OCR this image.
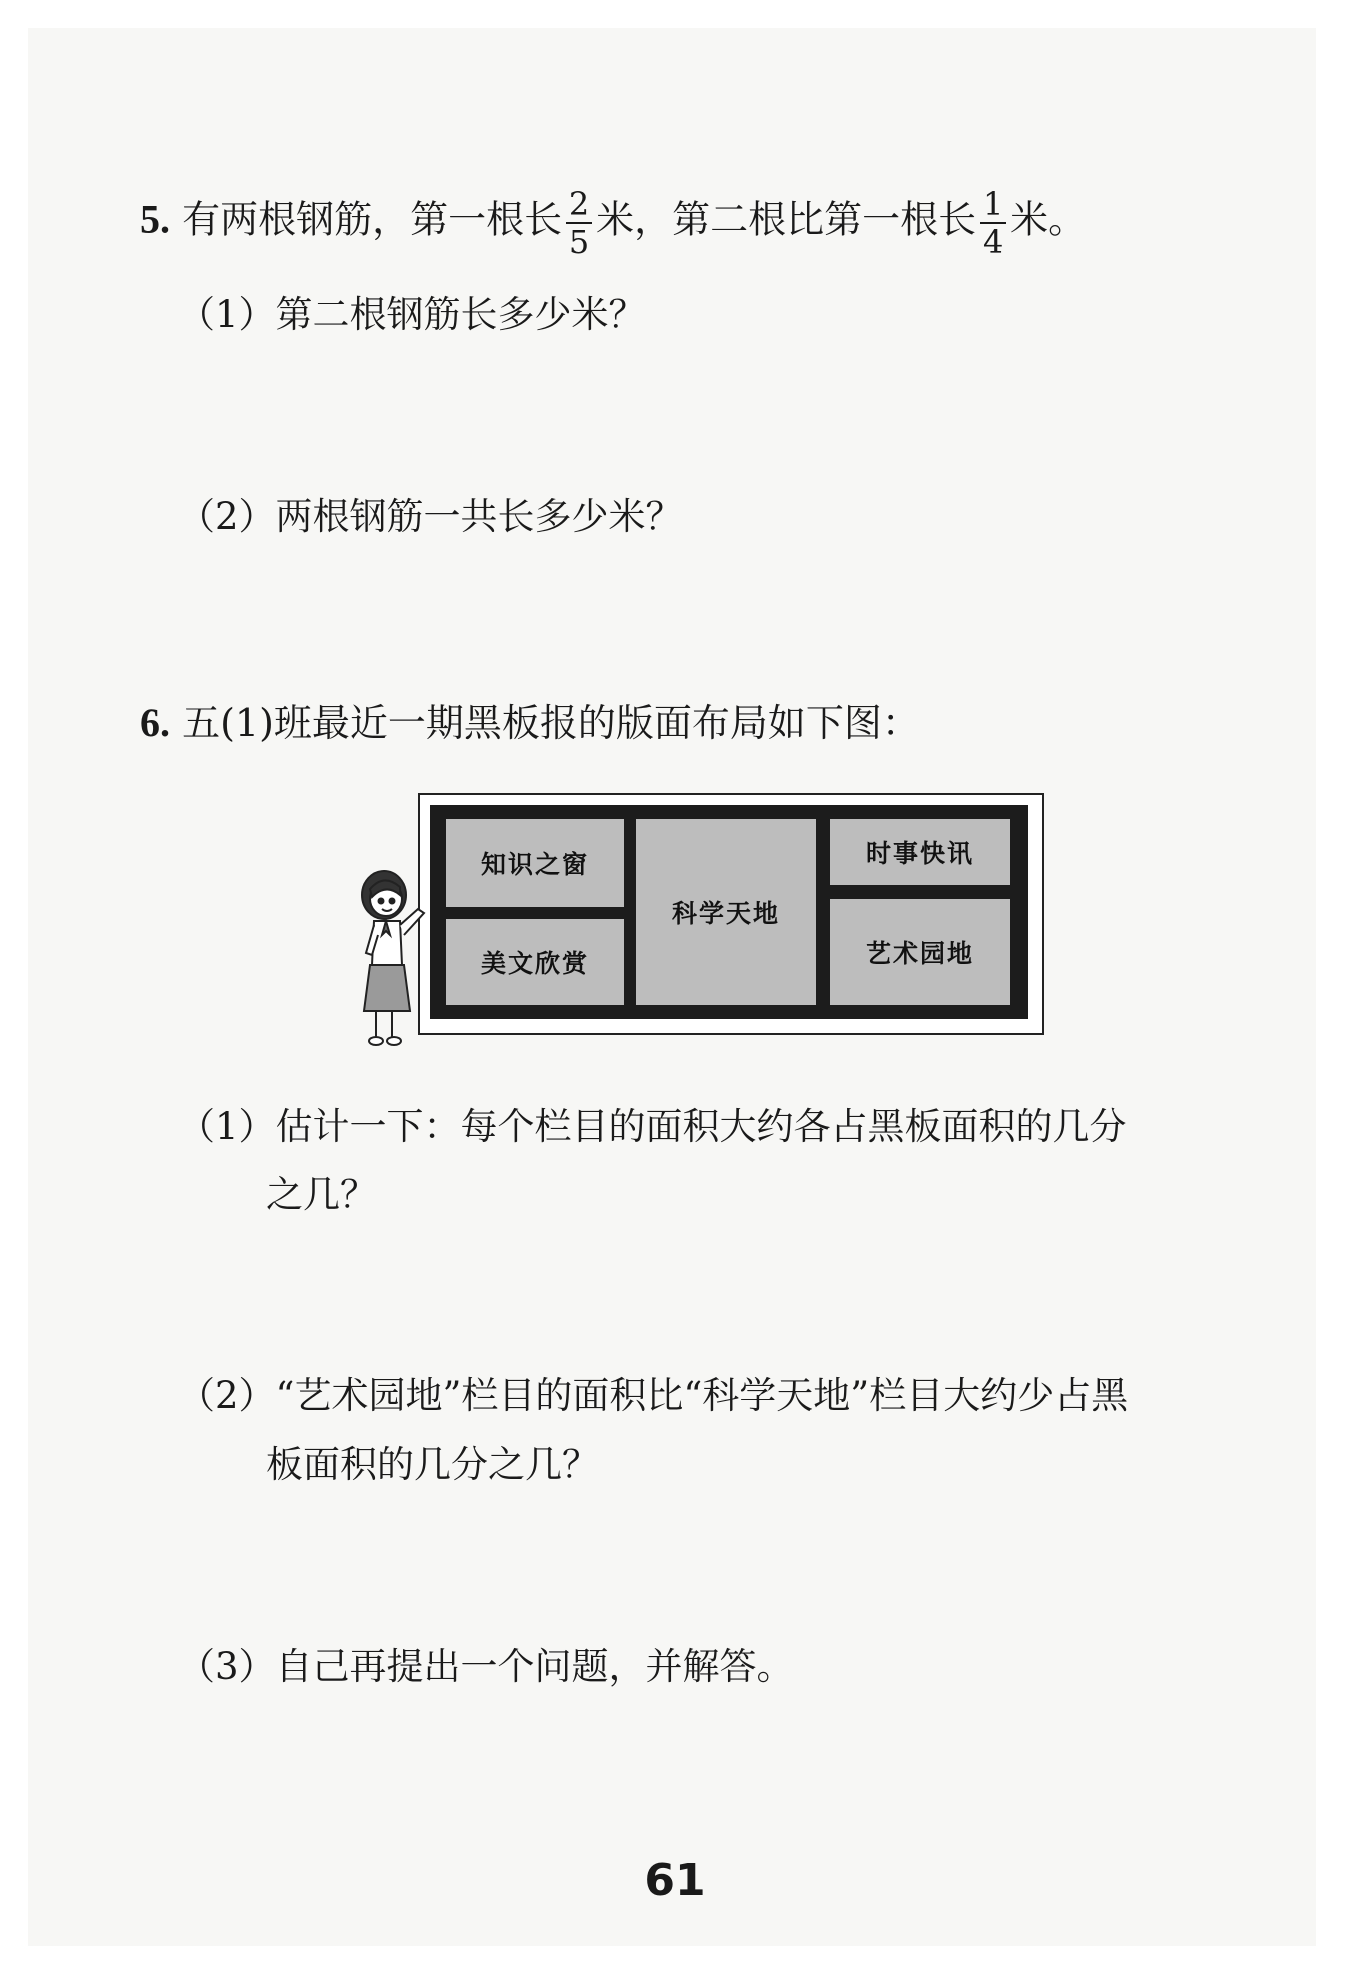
5. 有两根钢筋，第一根长 $\frac{2}{5}$ 米，第二根比第一根长 $\frac{1}{4}$ 米。
（1）第二根钢筋长多少米？
（2）两根钢筋一共长多少米？
6. 五(1)班最近一期黑板报的版面布局如下图：
知识之窗
美文欣赏
科学天地
时事快讯
艺术园地
（1）估计一下：每个栏目的面积大约各占黑板面积的几分
之几？
（2）“艺术园地”栏目的面积比“科学天地”栏目大约少占黑
板面积的几分之几？
（3）自己再提出一个问题，并解答。
61
